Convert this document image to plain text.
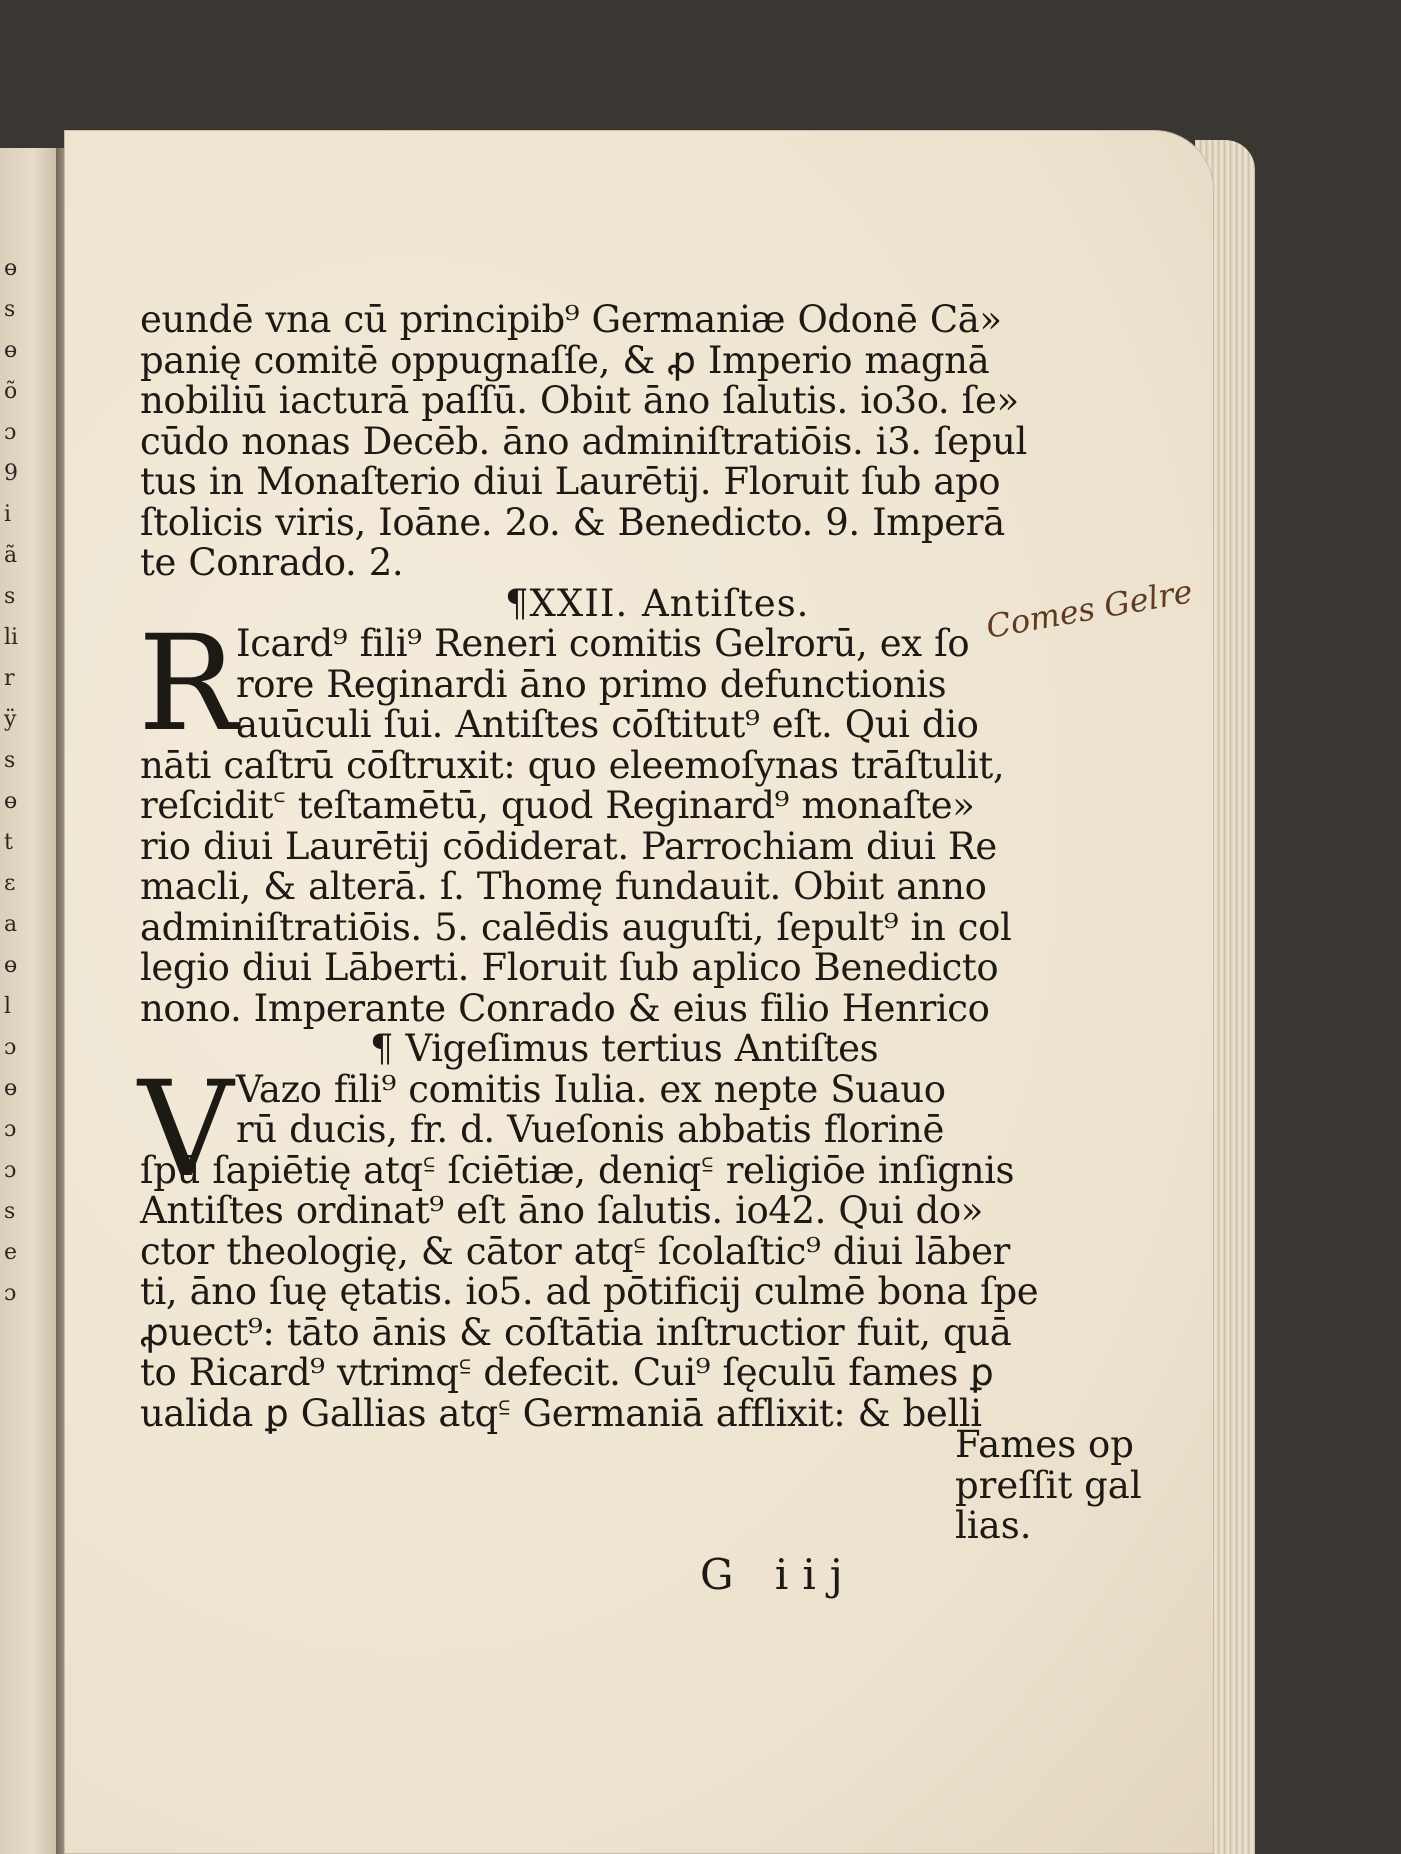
ɵ
s
ɵ
õ
ɔ
9
i
ã
s
li
r
ÿ
s
ɵ
t
ɛ
a
ɵ
l
ɔ
ɵ
ɔ
ɔ
s
e
ɔ
eundē vna cū principib⁹ Germaniæ Odonē Cā»
panię comitē oppugnaſſe, & ꝓ Imperio magnā
nobiliū iacturā paſſū. Obiıt āno ſalutis. io3o. ſe»
cūdo nonas Decēb. āno adminiſtratiōis. i3. ſepul
tus in Monaſterio diui Laurētij. Floruit ſub apo
ſtolicis viris, Ioāne. 2o. & Benedicto. 9. Imperā
te Conrado. 2.
¶XXII. Antiſtes.
R Icard⁹ fili⁹ Reneri comitis Gelrorū, ex ſo
rore Reginardi āno primo defunctionis
auūculi ſui. Antiſtes cōſtitut⁹ eſt. Qui dio
nāti caſtrū cōſtruxit: quo eleemoſynas trāſtulit,
reſcidit꜂ teſtamētū, quod Reginard⁹ monaſte»
rio diui Laurētij cōdiderat. Parrochiam diui Re
macli, & alterā. ſ. Thomę fundauit. Obiıt anno
adminiſtratiōis. 5. calēdis auguſti, ſepult⁹ in col
legio diui Lāberti. Floruit ſub aplico Benedicto
nono. Imperante Conrado & eius filio Henrico
¶ Vigeſimus tertius Antiſtes
V Vazo fili⁹ comitis Iulia. ex nepte Suauo
rū ducis, fr. d. Vueſonis abbatis florinē
ſpū ſapiētię atq꜃ ſciētiæ, deniq꜃ religiōe inſignis
Antiſtes ordinat⁹ eſt āno ſalutis. io42. Qui do»
ctor theologię, & cātor atq꜃ ſcolaſtic⁹ diui lāber
ti, āno ſuę ętatis. io5. ad pōtificij culmē bona ſpe
ꝓuect⁹: tāto ānis & cōſtātia inſtructior fuit, quā
to Ricard⁹ vtrimq꜃ defecit. Cui⁹ ſęculū fames ꝑ
ualida ꝑ Gallias atq꜃ Germaniā afflixit: & belli
Comes Gelre
Fames op
preſſit gal
lias.
G iij
